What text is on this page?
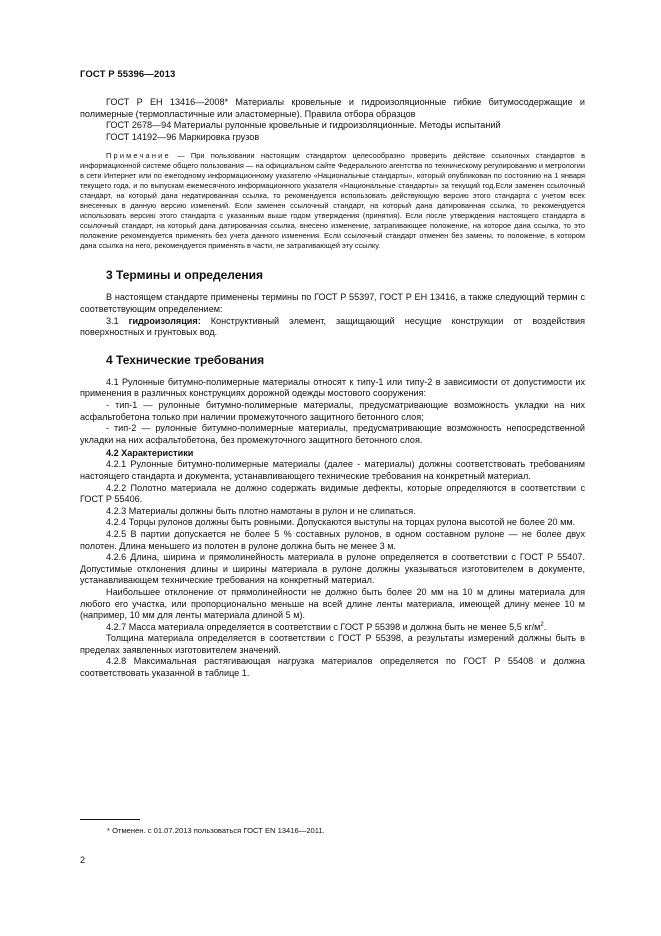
ГОСТ Р 55396—2013

ГОСТ Р ЕН 13416—2008* Материалы кровельные и гидроизоляционные гибкие битумосодержащие и полимерные (термопластичные или эластомерные). Правила отбора образцов

ГОСТ 2678—94 Материалы рулонные кровельные и гидроизоляционные. Методы испытаний

ГОСТ 14192—96 Маркировка грузов

Примечание — При пользовании настоящим стандартом целесообразно проверить действие ссылочных стандартов в информационной системе общего пользования — на официальном сайте Федерального агентства по техническому регулированию и метрологии в сети Интернет или по ежегодному информационному указателю «Национальные стандарты», который опубликован по состоянию на 1 января текущего года, и по выпускам ежемесячного информационного указателя «Национальные стандарты» за текущий год.Если заменен ссылочный стандарт, на который дана недатированная ссылка, то рекомендуется использовать действующую версию этого стандарта с учетом всех внесенных в данную версию изменений. Если заменен ссылочный стандарт, на который дана датированная ссылка, то рекомендуется использовать версию этого стандарта с указанным выше годом утверждения (принятия). Если после утверждения настоящего стандарта в ссылочный стандарт, на который дана датированная ссылка, внесено изменение, затрагивающее положение, на которое дана ссылка, то это положение рекомендуется применять без учета данного изменения. Если ссылочный стандарт отменен без замены, то положение, в котором дана ссылка на него, рекомендуется применять в части, не затрагивающей эту ссылку.

3 Термины и определения

В настоящем стандарте применены термины по ГОСТ Р 55397, ГОСТ Р ЕН 13416, а также следующий термин с соответствующим определением:

3.1 гидроизоляция: Конструктивный элемент, защищающий несущие конструкции от воздействия поверхностных и грунтовых вод.

4 Технические требования

4.1 Рулонные битумно-полимерные материалы относят к типу-1 или типу-2 в зависимости от допустимости их применения в различных конструкциях дорожной одежды мостового сооружения:

- тип-1 — рулонные битумно-полимерные материалы, предусматривающие возможность укладки на них асфальтобетона только при наличии промежуточного защитного бетонного слоя;

- тип-2 — рулонные битумно-полимерные материалы, предусматривающие возможность непосредственной укладки на них асфальтобетона, без промежуточного защитного бетонного слоя.

4.2 Характеристики

4.2.1 Рулонные битумно-полимерные материалы (далее - материалы) должны соответствовать требованиям настоящего стандарта и документа, устанавливающего технические требования на конкретный материал.

4.2.2 Полотно материала не должно содержать видимые дефекты, которые определяются в соответствии с ГОСТ Р 55406.

4.2.3 Материалы должны быть плотно намотаны в рулон и не слипаться.

4.2.4 Торцы рулонов должны быть ровными. Допускаются выступы на торцах рулона высотой не более 20 мм.

4.2.5 В партии допускается не более 5 % составных рулонов, в одном составном рулоне — не более двух полотен. Длина меньшего из полотен в рулоне должна быть не менее 3 м.

4.2.6 Длина, ширина и прямолинейность материала в рулоне определяется в соответствии с ГОСТ Р 55407. Допустимые отклонения длины и ширины материала в рулоне должны указываться изготовителем в документе, устанавливающем технические требования на конкретный материал.

Наибольшее отклонение от прямолинейности не должно быть более 20 мм на 10 м длины материала для любого его участка, или пропорционально меньше на всей длине ленты материала, имеющей длину менее 10 м (например, 10 мм для ленты материала длиной 5 м).

4.2.7 Масса материала определяется в соответствии с ГОСТ Р 55398 и должна быть не менее 5,5 $кг/м^2$.

Толщина материала определяется в соответствии с ГОСТ Р 55398, а результаты измерений должны быть в пределах заявленных изготовителем значений.

4.2.8 Максимальная растягивающая нагрузка материалов определяется по ГОСТ Р 55408 и должна соответствовать указанной в таблице 1.

* Отменен. с 01.07.2013 пользоваться ГОСТ EN 13416—2011.
2
